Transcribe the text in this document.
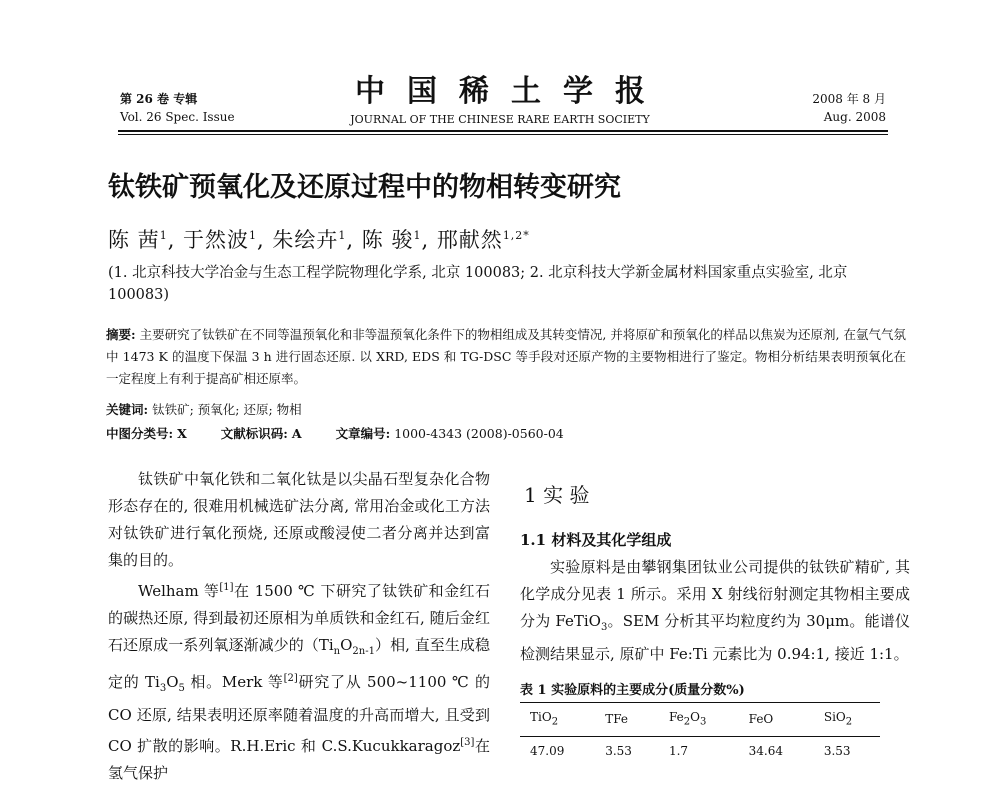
第 26 卷 专辑
Vol. 26 Spec. Issue
中国稀土学报
JOURNAL OF THE CHINESE RARE EARTH SOCIETY
2008 年 8 月
Aug. 2008
钛铁矿预氧化及还原过程中的物相转变研究
陈 茜$^1$, 于然波$^1$, 朱绘卉$^1$, 陈 骏$^1$, 邢献然$^{1,2*}$
(1. 北京科技大学冶金与生态工程学院物理化学系, 北京 100083; 2. 北京科技大学新金属材料国家重点实验室, 北京 100083)
摘要: 主要研究了钛铁矿在不同等温预氧化和非等温预氧化条件下的物相组成及其转变情况, 并将原矿和预氧化的样品以焦炭为还原剂, 在氩气气氛中 1473 K 的温度下保温 3 h 进行固态还原. 以 XRD, EDS 和 TG-DSC 等手段对还原产物的主要物相进行了鉴定。物相分析结果表明预氧化在一定程度上有利于提高矿相还原率。
关键词: 钛铁矿; 预氧化; 还原; 物相
中图分类号: X	文献标识码: A	文章编号: 1000-4343 (2008)-0560-04

钛铁矿中氧化铁和二氧化钛是以尖晶石型复杂化合物形态存在的, 很难用机械选矿法分离, 常用冶金或化工方法对钛铁矿进行氧化预烧, 还原或酸浸使二者分离并达到富集的目的。

Welham 等[1]在 1500 ℃ 下研究了钛铁矿和金红石的碳热还原, 得到最初还原相为单质铁和金红石, 随后金红石还原成一系列氧逐渐减少的$(Ti_nO_{2n-1})$相, 直至生成稳定的 $Ti_3O_5$ 相。Merk 等[2]研究了从 500~1100 ℃ 的 CO 还原, 结果表明还原率随着温度的升高而增大, 且受到 CO 扩散的影响。R.H.Eric 和 C.S.Kucukkaragoz[3]在氢气保护

1 实 验
1.1 材料及其化学组成

实验原料是由攀钢集团钛业公司提供的钛铁矿精矿, 其化学成分见表 1 所示。采用 X 射线衍射测定其物相主要成分为 FeTiO$_3$。SEM 分析其平均粒度约为 30μm。能谱仪检测结果显示, 原矿中 Fe:Ti 元素比为 0.94:1, 接近 1:1。

表 1 实验原料的主要成分(质量分数%)
TiO$_2$	TFe	$Fe_2O_3$	FeO	SiO$_2$
47.09	3.53	1.7	34.64	3.53
